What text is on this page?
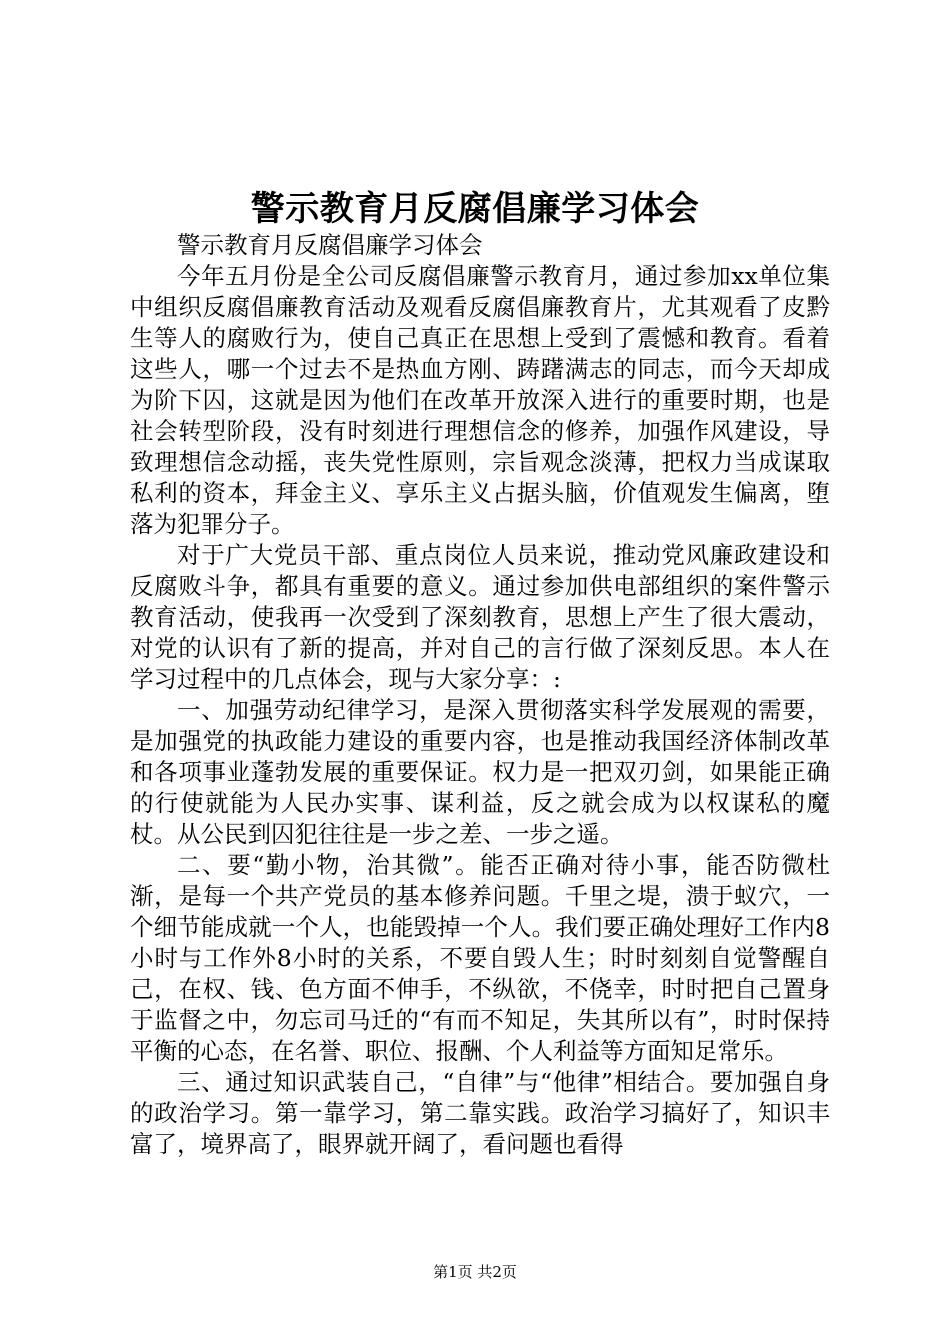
警示教育月反腐倡廉学习体会

警示教育月反腐倡廉学习体会

今年五月份是全公司反腐倡廉警示教育月，通过参加xx单位集中组织反腐倡廉教育活动及观看反腐倡廉教育片，尤其观看了皮黔生等人的腐败行为，使自己真正在思想上受到了震憾和教育。看着这些人，哪一个过去不是热血方刚、踌躇满志的同志，而今天却成为阶下囚，这就是因为他们在改革开放深入进行的重要时期，也是社会转型阶段，没有时刻进行理想信念的修养，加强作风建设，导致理想信念动摇，丧失党性原则，宗旨观念淡薄，把权力当成谋取私利的资本，拜金主义、享乐主义占据头脑，价值观发生偏离，堕落为犯罪分子。

对于广大党员干部、重点岗位人员来说，推动党风廉政建设和反腐败斗争，都具有重要的意义。通过参加供电部组织的案件警示教育活动，使我再一次受到了深刻教育，思想上产生了很大震动，对党的认识有了新的提高，并对自己的言行做了深刻反思。本人在学习过程中的几点体会，现与大家分享：:

一、加强劳动纪律学习，是深入贯彻落实科学发展观的需要，是加强党的执政能力建设的重要内容，也是推动我国经济体制改革和各项事业蓬勃发展的重要保证。权力是一把双刃剑，如果能正确的行使就能为人民办实事、谋利益，反之就会成为以权谋私的魔杖。从公民到囚犯往往是一步之差、一步之遥。

二、要“勤小物，治其微”。能否正确对待小事，能否防微杜渐，是每一个共产党员的基本修养问题。千里之堤，溃于蚁穴，一个细节能成就一个人，也能毁掉一个人。我们要正确处理好工作内8小时与工作外8小时的关系，不要自毁人生；时时刻刻自觉警醒自己，在权、钱、色方面不伸手，不纵欲，不侥幸，时时把自己置身于监督之中，勿忘司马迁的“有而不知足，失其所以有”，时时保持平衡的心态，在名誉、职位、报酬、个人利益等方面知足常乐。

三、通过知识武装自己，“自律”与“他律”相结合。要加强自身的政治学习。第一靠学习，第二靠实践。政治学习搞好了，知识丰富了，境界高了，眼界就开阔了，看问题也看得

第1页 共2页
